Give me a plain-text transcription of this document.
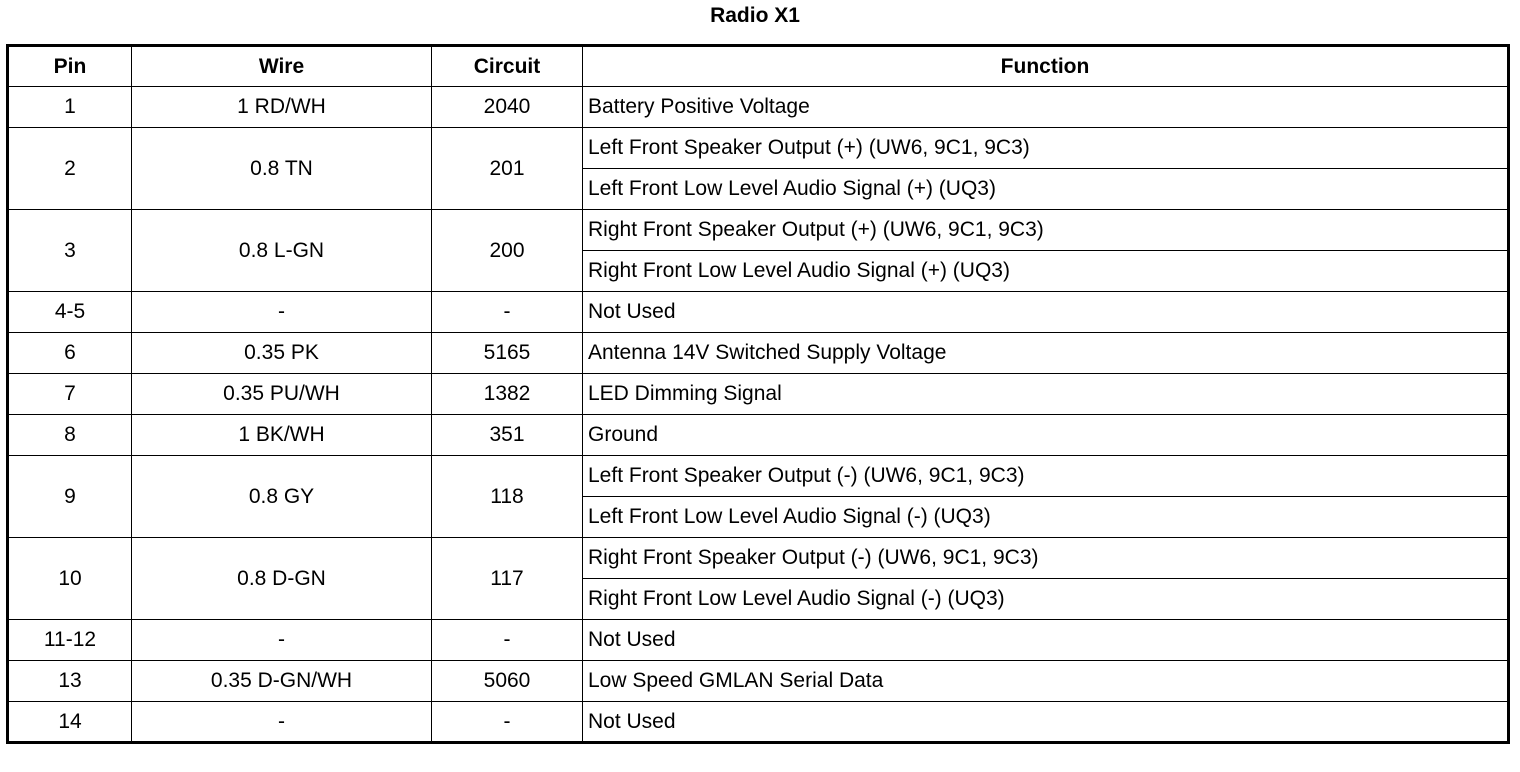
Radio X1
Pin	Wire	Circuit	Function
1	1 RD/WH	2040	Battery Positive Voltage
2	0.8 TN	201	Left Front Speaker Output (+) (UW6, 9C1, 9C3)
			Left Front Low Level Audio Signal (+) (UQ3)
3	0.8 L-GN	200	Right Front Speaker Output (+) (UW6, 9C1, 9C3)
			Right Front Low Level Audio Signal (+) (UQ3)
4-5	-	-	Not Used
6	0.35 PK	5165	Antenna 14V Switched Supply Voltage
7	0.35 PU/WH	1382	LED Dimming Signal
8	1 BK/WH	351	Ground
9	0.8 GY	118	Left Front Speaker Output (-) (UW6, 9C1, 9C3)
			Left Front Low Level Audio Signal (-) (UQ3)
10	0.8 D-GN	117	Right Front Speaker Output (-) (UW6, 9C1, 9C3)
			Right Front Low Level Audio Signal (-) (UQ3)
11-12	-	-	Not Used
13	0.35 D-GN/WH	5060	Low Speed GMLAN Serial Data
14	-	-	Not Used
